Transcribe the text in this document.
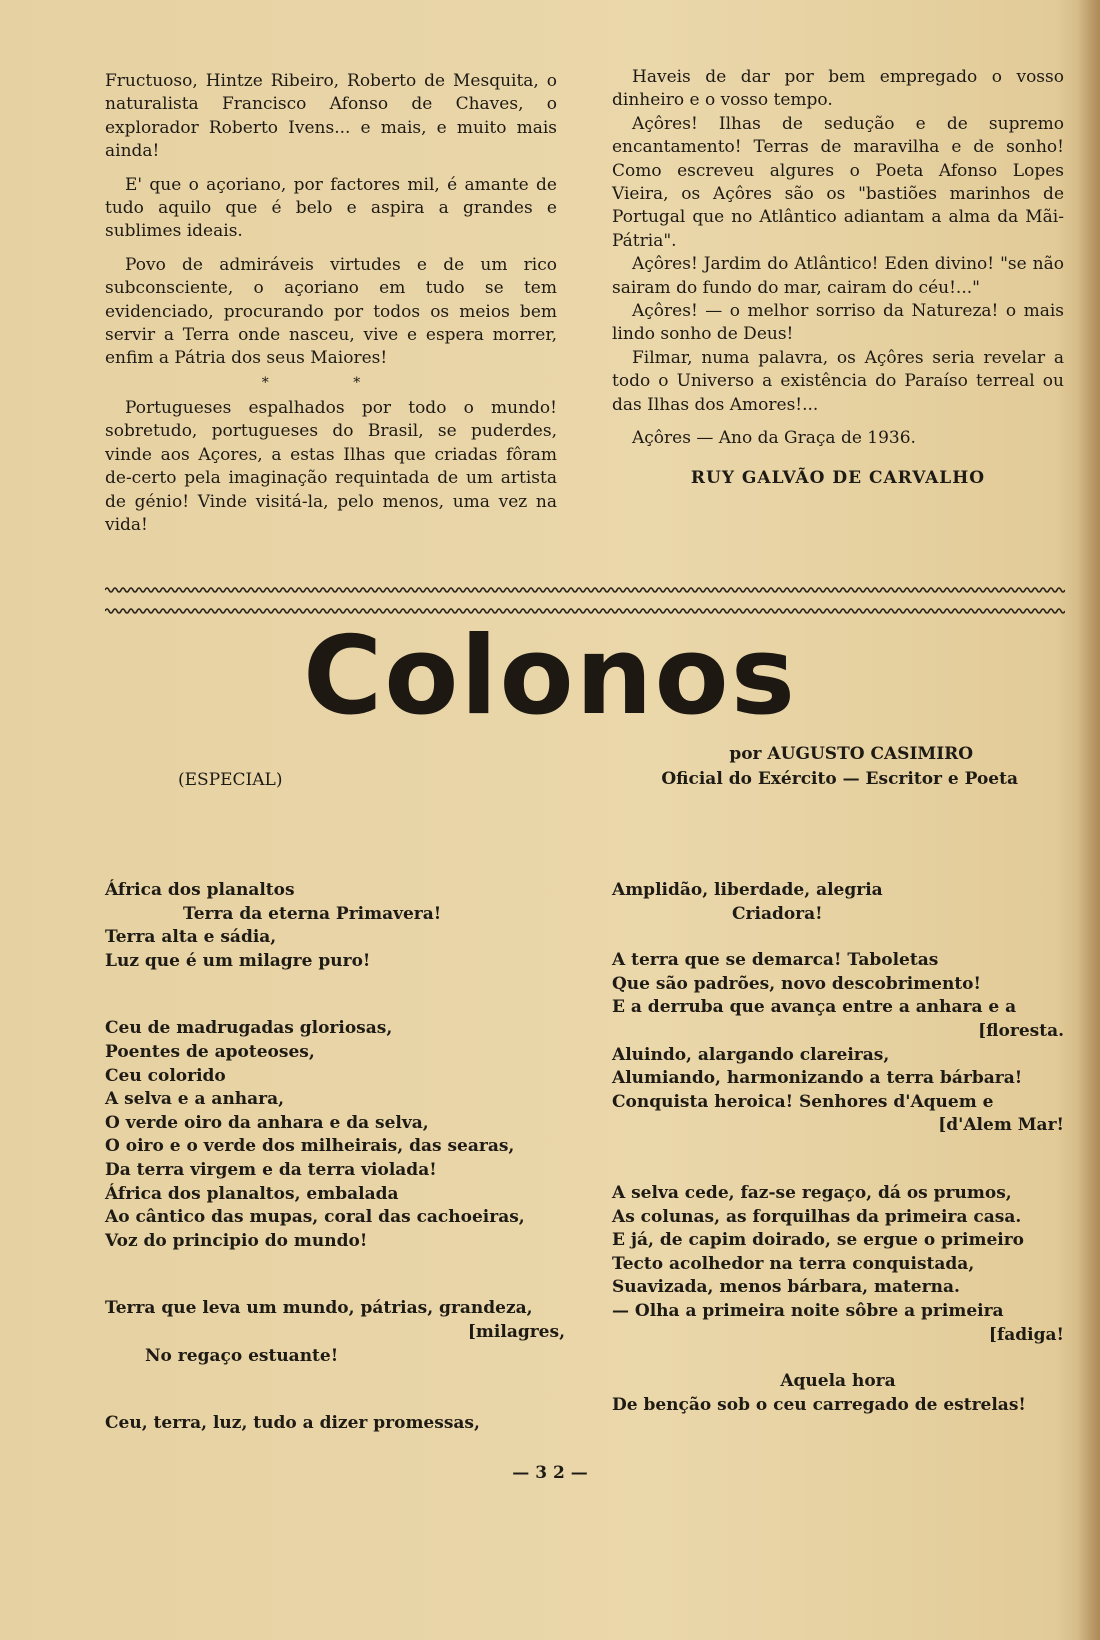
Fructuoso, Hintze Ribeiro, Roberto de Mesquita, o naturalista Francisco Afonso de Chaves, o explorador Roberto Ivens... e mais, e muito mais ainda!

E' que o açoriano, por factores mil, é amante de tudo aquilo que é belo e aspira a grandes e sublimes ideais.

Povo de admiráveis virtudes e de um rico subconsciente, o açoriano em tudo se tem evidenciado, procurando por todos os meios bem servir a Terra onde nasceu, vive e espera morrer, enfim a Pátria dos seus Maiores!

* *

Portugueses espalhados por todo o mundo! sobretudo, portugueses do Brasil, se puderdes, vinde aos Açores, a estas Ilhas que criadas fôram de-certo pela imaginação requintada de um artista de génio! Vinde visitá-la, pelo menos, uma vez na vida!

Haveis de dar por bem empregado o vosso dinheiro e o vosso tempo.

Açôres! Ilhas de sedução e de supremo encantamento! Terras de maravilha e de sonho! Como escreveu algures o Poeta Afonso Lopes Vieira, os Açôres são os "bastiões marinhos de Portugal que no Atlântico adiantam a alma da Mãi-Pátria".

Açôres! Jardim do Atlântico! Eden divino! "se não sairam do fundo do mar, cairam do céu!..."

Açôres! — o melhor sorriso da Natureza! o mais lindo sonho de Deus!

Filmar, numa palavra, os Açôres seria revelar a todo o Universo a existência do Paraíso terreal ou das Ilhas dos Amores!...

Açôres — Ano da Graça de 1936.

RUY GALVÃO DE CARVALHO
Colonos
(ESPECIAL)
por AUGUSTO CASIMIRO
Oficial do Exército — Escritor e Poeta
África dos planaltos
Terra da eterna Primavera!
Terra alta e sádia,
Luz que é um milagre puro!
Ceu de madrugadas gloriosas,
Poentes de apoteoses,
Ceu colorido
A selva e a anhara,
O verde oiro da anhara e da selva,
O oiro e o verde dos milheirais, das searas,
Da terra virgem e da terra violada!
África dos planaltos, embalada
Ao cântico das mupas, coral das cachoeiras,
Voz do principio do mundo!
Terra que leva um mundo, pátrias, grandeza,
[milagres,
No regaço estuante!
Ceu, terra, luz, tudo a dizer promessas,
Amplidão, liberdade, alegria
Criadora!
A terra que se demarca! Taboletas
Que são padrões, novo descobrimento!
E a derruba que avança entre a anhara e a
[floresta.
Aluindo, alargando clareiras,
Alumiando, harmonizando a terra bárbara!
Conquista heroica! Senhores d'Aquem e
[d'Alem Mar!
A selva cede, faz-se regaço, dá os prumos,
As colunas, as forquilhas da primeira casa.
E já, de capim doirado, se ergue o primeiro
Tecto acolhedor na terra conquistada,
Suavizada, menos bárbara, materna.
— Olha a primeira noite sôbre a primeira
[fadiga!
Aquela hora
De benção sob o ceu carregado de estrelas!
— 3 2 —
